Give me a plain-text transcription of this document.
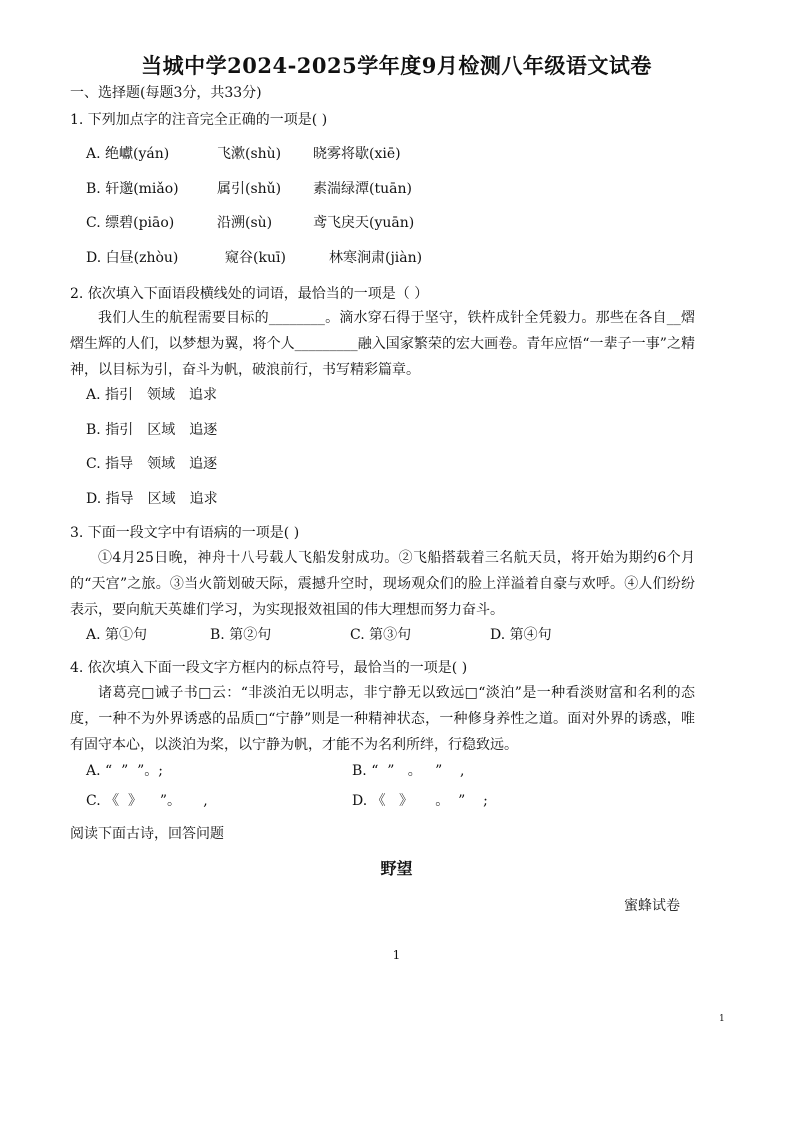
当城中学2024-2025学年度9月检测八年级语文试卷
一、选择题(每题3分，共33分)
1. 下列加点字的注音完全正确的一项是( )
A. 绝巘(yán)	飞漱(shù) 晓雾将歇(xiē)
B. 轩邈(miǎo)	属引(shǔ) 素湍绿潭(tuān)
C. 缥碧(piāo)	沿溯(sù)	鸢飞戾天(yuān)
D. 白昼(zhòu)	窥谷(kuī)	林寒涧肃(jiàn)
2. 依次填入下面语段横线处的词语，最恰当的一项是（ ）
我们人生的航程需要目标的________。滴水穿石得于坚守，铁杵成针全凭毅力。那些在各自__熠熠生辉的人们，以梦想为翼，将个人_________融入国家繁荣的宏大画卷。青年应悟“一辈子一事”之精神，以目标为引，奋斗为帆，破浪前行，书写精彩篇章。
A. 指引　领域　追求
B. 指引　区域　追逐
C. 指导　领域　追逐
D. 指导　区域　追求
3. 下面一段文字中有语病的一项是( )
①4月25日晚，神舟十八号载人飞船发射成功。②飞船搭载着三名航天员，将开始为期约6个月的“天宫”之旅。③当火箭划破天际，震撼升空时，现场观众们的脸上洋溢着自豪与欢呼。④人们纷纷表示，要向航天英雄们学习，为实现报效祖国的伟大理想而努力奋斗。
A. 第①句	B. 第②句	C. 第③句	D. 第④句
4. 依次填入下面一段文字方框内的标点符号，最恰当的一项是( )
诸葛亮□诫子书□云：“非淡泊无以明志，非宁静无以致远□“淡泊”是一种看淡财富和名利的态度，一种不为外界诱惑的品质□“宁静”则是一种精神状态，一种修身养性之道。面对外界的诱惑，唯有固守本心，以淡泊为桨，以宁静为帆，才能不为名利所绊，行稳致远。
A. “  ”  ”。;	B. “  ”   。   ”    ,
C. 《  》    ”。     ,	D. 《   》     。  ”    ;
阅读下面古诗，回答问题
野望
蜜蜂试卷
1
1
